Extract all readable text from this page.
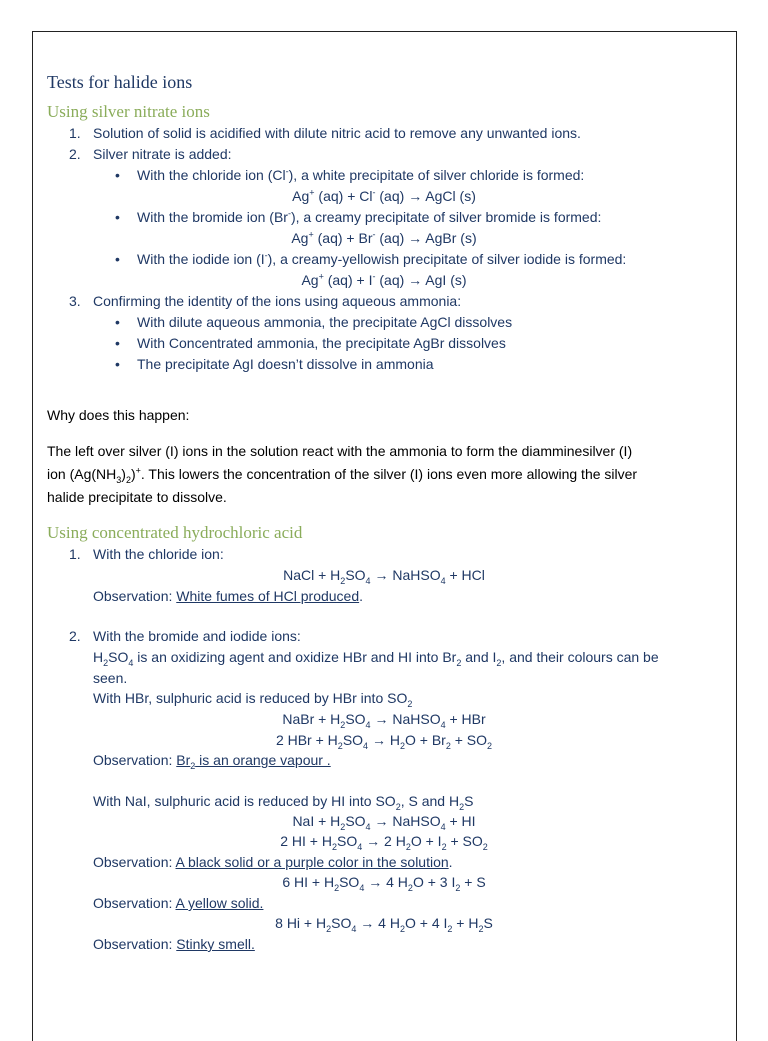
Tests for halide ions
Using silver nitrate ions
1. Solution of solid is acidified with dilute nitric acid to remove any unwanted ions.
2. Silver nitrate is added:
• With the chloride ion (Cl-), a white precipitate of silver chloride is formed:
Ag+ (aq) + Cl- (aq) → AgCl (s)
• With the bromide ion (Br-), a creamy precipitate of silver bromide is formed:
Ag+ (aq) + Br- (aq) → AgBr (s)
• With the iodide ion (I-), a creamy-yellowish precipitate of silver iodide is formed:
Ag+ (aq) + I- (aq) → AgI (s)
3. Confirming the identity of the ions using aqueous ammonia:
• With dilute aqueous ammonia, the precipitate AgCl dissolves
• With Concentrated ammonia, the precipitate AgBr dissolves
• The precipitate AgI doesn’t dissolve in ammonia
Why does this happen:
The left over silver (I) ions in the solution react with the ammonia to form the diamminesilver (I)
ion $(Ag(NH_3)_2)^+$. This lowers the concentration of the silver (I) ions even more allowing the silver
halide precipitate to dissolve.
Using concentrated hydrochloric acid
1. With the chloride ion:
NaCl + $H_2SO_4$ → NaHSO$_4$ + HCl
Observation: White fumes of HCl produced.
2. With the bromide and iodide ions:
$H_2SO_4$ is an oxidizing agent and oxidize HBr and HI into $Br_2$ and $I_2$, and their colours can be
seen.
With HBr, sulphuric acid is reduced by HBr into $SO_2$
NaBr + $H_2SO_4$ → NaHSO$_4$ + HBr
2 HBr + $H_2SO_4 \to H_2O + Br_2 + SO_2$
Observation: $Br_2$ is an orange vapour .
With NaI, sulphuric acid is reduced by HI into $SO_2$, S and $H_2S$
NaI + $H_2SO_4$ → NaHSO$_4$ + HI
2 HI + $H_2SO_4 \to 2$ $H_2O + I_2 + SO_2$
Observation: A black solid or a purple color in the solution.
6 HI + $H_2SO_4 \to 4$ $H_2O + 3$ $I_2 + S$
Observation: A yellow solid.
8 $Hi + H_2SO_4 \to 4$ $H_2O + 4$ $I_2 + H_2S$
Observation: Stinky smell.
